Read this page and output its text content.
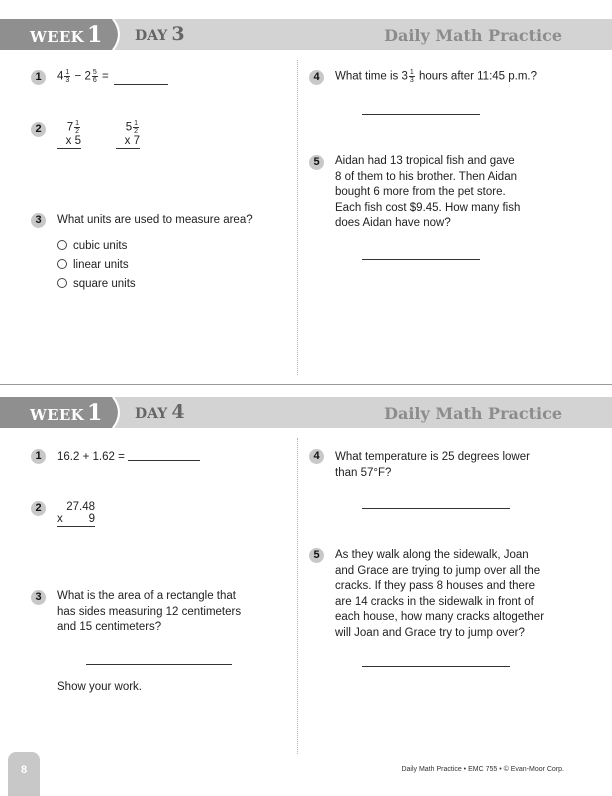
WEEK 1 DAY 3	Daily Math Practice
1	$4 \frac{1}{3} - 2 \frac{5}{6}$ =
2	$7 \frac{1}{2}$
x 5
$5 \frac{1}{2}$
x 7
3	What units are used to measure area?
cubic units
linear units
square units
4	What time is $3 \frac{1}{3}$ hours after 11:45 p.m.?
5	Aidan had 13 tropical fish and gave
8 of them to his brother. Then Aidan
bought 6 more from the pet store.
Each fish cost $9.45. How many fish
does Aidan have now?
WEEK 1 DAY 4	Daily Math Practice
1	16.2 + 1.62 =
2	27.48
x 9
3	What is the area of a rectangle that
has sides measuring 12 centimeters
and 15 centimeters?
Show your work.
4	What temperature is 25 degrees lower
than 57°F?
5	As they walk along the sidewalk, Joan
and Grace are trying to jump over all the
cracks. If they pass 8 houses and there
are 14 cracks in the sidewalk in front of
each house, how many cracks altogether
will Joan and Grace try to jump over?
8	Daily Math Practice • EMC 755 • © Evan-Moor Corp.
